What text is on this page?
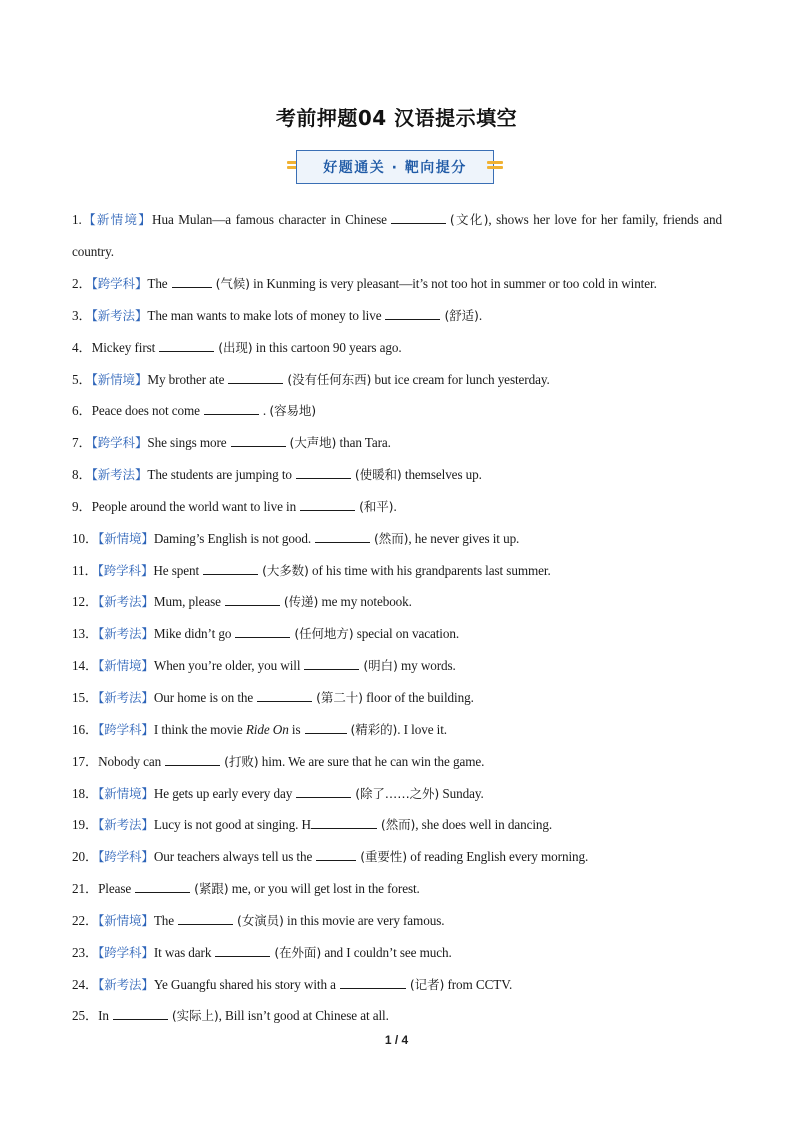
考前押题04 汉语提示填空
好题通关 · 靶向提分
1.【新情境】Hua Mulan—a famous character in Chinese	(文化), shows her love for her family, friends and country.
2．【跨学科】The	(气候) in Kunming is very pleasant—it’s not too hot in summer or too cold in winter.
3．【新考法】The man wants to make lots of money to live	(舒适).
4．Mickey first	(出现) in this cartoon 90 years ago.
5．【新情境】My brother ate	(没有任何东西) but ice cream for lunch yesterday.
6．Peace does not come	. (容易地)
7．【跨学科】She sings more	(大声地) than Tara.
8．【新考法】The students are jumping to	(使暖和) themselves up.
9．People around the world want to live in	(和平).
10．【新情境】Daming’s English is not good.	(然而), he never gives it up.
11．【跨学科】He spent	(大多数) of his time with his grandparents last summer.
12．【新考法】Mum, please	(传递) me my notebook.
13．【新考法】Mike didn’t go	(任何地方) special on vacation.
14．【新情境】When you’re older, you will	(明白) my words.
15．【新考法】Our home is on the	(第二十) floor of the building.
16．【跨学科】I think the movie Ride On is	(精彩的). I love it.
17．Nobody can	(打败) him. We are sure that he can win the game.
18．【新情境】He gets up early every day	(除了……之外) Sunday.
19．【新考法】Lucy is not good at singing. H	(然而), she does well in dancing.
20．【跨学科】Our teachers always tell us the	(重要性) of reading English every morning.
21．Please	(紧跟) me, or you will get lost in the forest.
22．【新情境】The	(女演员) in this movie are very famous.
23．【跨学科】It was dark	(在外面) and I couldn’t see much.
24．【新考法】Ye Guangfu shared his story with a	(记者) from CCTV.
25．In	(实际上), Bill isn’t good at Chinese at all.
1 / 4
